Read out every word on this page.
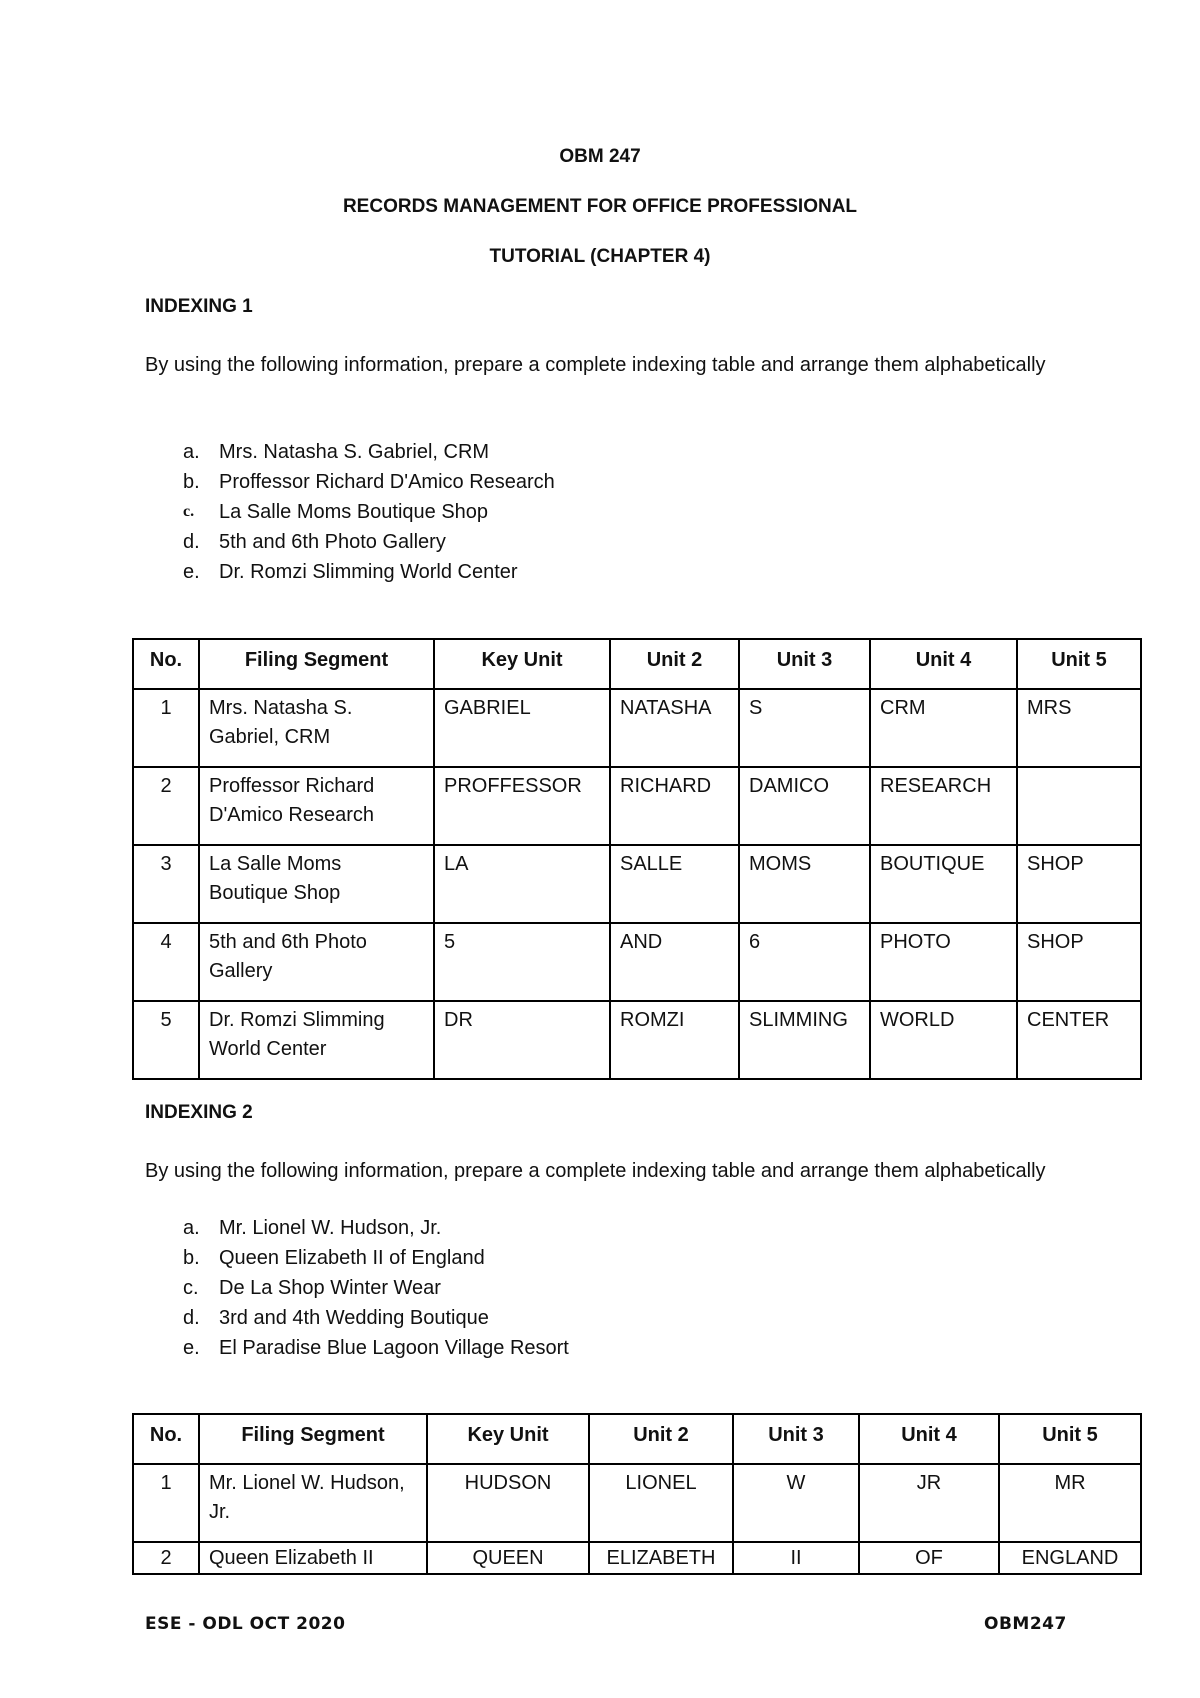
OBM 247
RECORDS MANAGEMENT FOR OFFICE PROFESSIONAL
TUTORIAL (CHAPTER 4)
INDEXING 1
By using the following information, prepare a complete indexing table and arrange them alphabetically
a. Mrs. Natasha S. Gabriel, CRM
b. Proffessor Richard D'Amico Research
c. La Salle Moms Boutique Shop
d. 5th and 6th Photo Gallery
e. Dr. Romzi Slimming World Center
No.	Filing Segment	Key Unit	Unit 2	Unit 3	Unit 4	Unit 5
1	Mrs. Natasha S. Gabriel, CRM	GABRIEL	NATASHA	S	CRM	MRS
2	Proffessor Richard D'Amico Research	PROFFESSOR	RICHARD	DAMICO	RESEARCH	
3	La Salle Moms Boutique Shop	LA	SALLE	MOMS	BOUTIQUE	SHOP
4	5th and 6th Photo Gallery	5	AND	6	PHOTO	SHOP
5	Dr. Romzi Slimming World Center	DR	ROMZI	SLIMMING	WORLD	CENTER
INDEXING 2
By using the following information, prepare a complete indexing table and arrange them alphabetically
a. Mr. Lionel W. Hudson, Jr.
b. Queen Elizabeth II of England
c. De La Shop Winter Wear
d. 3rd and 4th Wedding Boutique
e. El Paradise Blue Lagoon Village Resort
No.	Filing Segment	Key Unit	Unit 2	Unit 3	Unit 4	Unit 5
1	Mr. Lionel W. Hudson, Jr.	HUDSON	LIONEL	W	JR	MR
2	Queen Elizabeth II	QUEEN	ELIZABETH	II	OF	ENGLAND
ESE - ODL OCT 2020	OBM247
